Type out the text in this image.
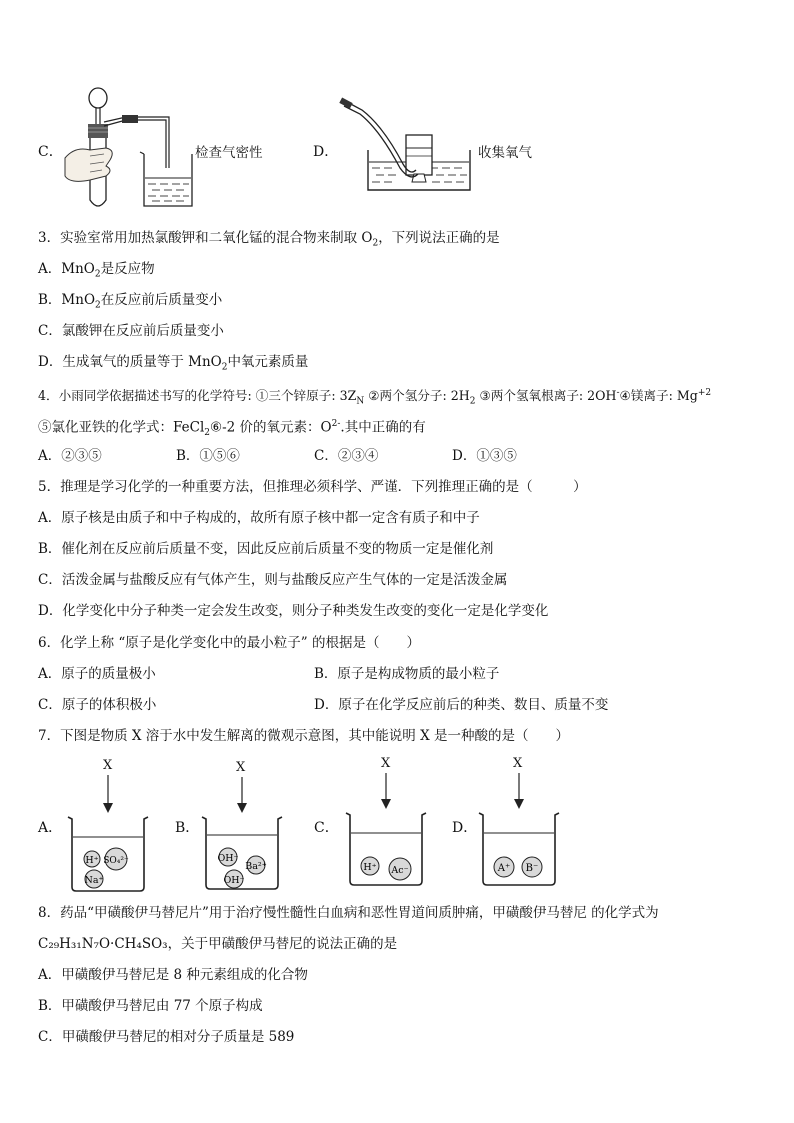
C．	检查气密性	D．	收集氧气
3．实验室常用加热氯酸钾和二氧化锰的混合物来制取 $O_2$，下列说法正确的是
A．MnO$_2$是反应物
B．MnO$_2$在反应前后质量变小
C．氯酸钾在反应前后质量变小
D．生成氧气的质量等于 MnO$_2$中氧元素质量
4．小雨同学依据描述书写的化学符号: ①三个锌原子: $3Z_N$ ②两个氢分子: $2H_2$ ③两个氢氧根离子: 2OH-④镁离子: $Mg^{+2}$
⑤氯化亚铁的化学式：FeCl$_2$⑥-2 价的氧元素：$O^{2-}$.其中正确的有
A．②③⑤	B．①⑤⑥	C．②③④	D．①③⑤
5．推理是学习化学的一种重要方法，但推理必须科学、严谨．下列推理正确的是（　　　）
A．原子核是由质子和中子构成的，故所有原子核中都一定含有质子和中子
B．催化剂在反应前后质量不变，因此反应前后质量不变的物质一定是催化剂
C．活泼金属与盐酸反应有气体产生，则与盐酸反应产生气体的一定是活泼金属
D．化学变化中分子种类一定会发生改变，则分子种类发生改变的变化一定是化学变化
6．化学上称 “原子是化学变化中的最小粒子” 的根据是（　　）
A．原子的质量极小	B．原子是构成物质的最小粒子
C．原子的体积极小	D．原子在化学反应前后的种类、数目、质量不变
7．下图是物质 X 溶于水中发生解离的微观示意图，其中能说明 X 是一种酸的是（　　）
A．
X
H⁺ SO₄²⁻
Na⁺
B．
X
OH⁻
Ba²⁺
OH⁻
C．
X
H⁺ Ac⁻
D．
X
A⁺ B⁻
8．药品“甲磺酸伊马替尼片”用于治疗慢性髓性白血病和恶性胃道间质肿痛，甲磺酸伊马替尼 的化学式为
C₂₉H₃₁N₇O·CH₄SO₃，关于甲磺酸伊马替尼的说法正确的是
A．甲磺酸伊马替尼是 8 种元素组成的化合物
B．甲磺酸伊马替尼由 77 个原子构成
C．甲磺酸伊马替尼的相对分子质量是 589
